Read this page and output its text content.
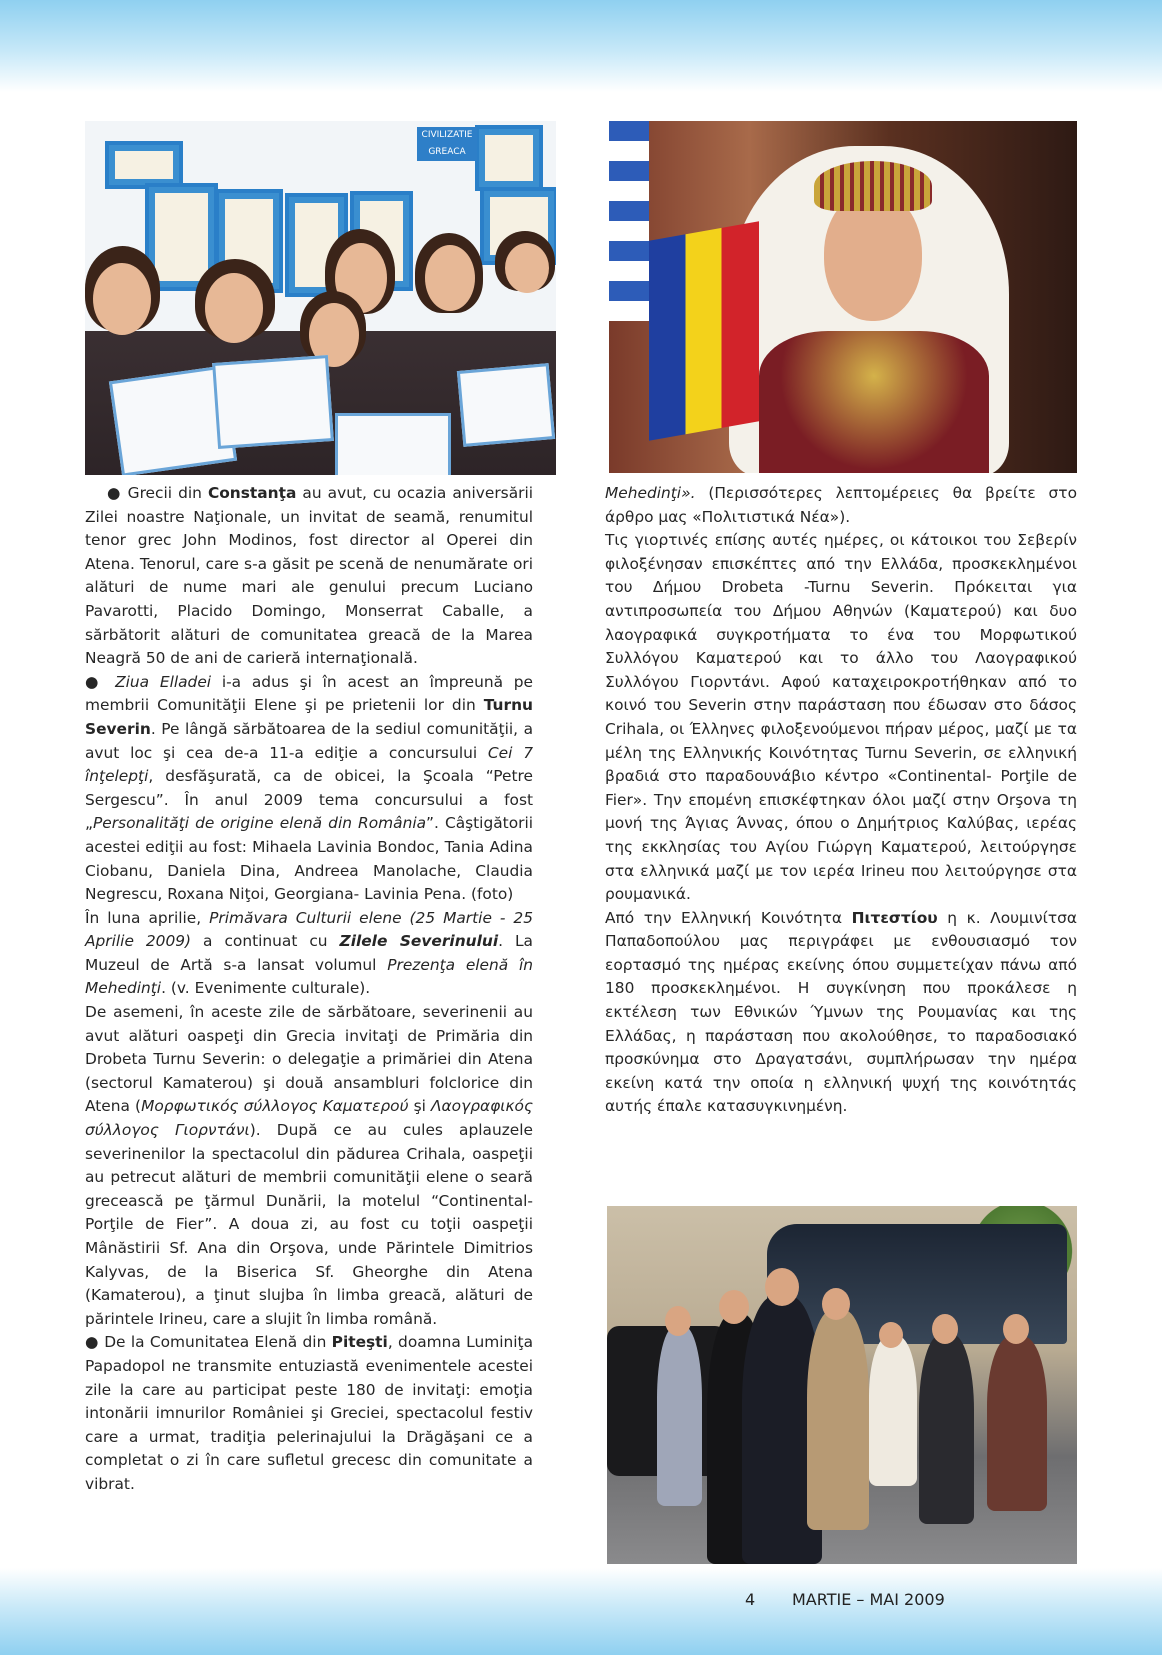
CIVILIZATIE GREACA

● Grecii din Constanţa au avut, cu ocazia aniversării Zilei noastre Naţionale, un invitat de seamă, renumitul tenor grec John Modinos, fost director al Operei din Atena. Tenorul, care s-a găsit pe scenă de nenumărate ori alături de nume mari ale genului precum Luciano Pavarotti, Placido Domingo, Monserrat Caballe, a sărbătorit alături de comunitatea greacă de la Marea Neagră 50 de ani de carieră internaţională.

● Ziua Elladei i-a adus şi în acest an împreună pe membrii Comunităţii Elene şi pe prietenii lor din Turnu Severin. Pe lângă sărbătoarea de la sediul comunităţii, a avut loc şi cea de-a 11-a ediţie a concursului Cei 7 înţelepţi, desfăşurată, ca de obicei, la Şcoala “Petre Sergescu”. În anul 2009 tema concursului a fost „Personalităţi de origine elenă din România”. Câştigătorii acestei ediţii au fost: Mihaela Lavinia Bondoc, Tania Adina Ciobanu, Daniela Dina, Andreea Manolache, Claudia Negrescu, Roxana Niţoi, Georgiana- Lavinia Pena. (foto)

În luna aprilie, Primăvara Culturii elene (25 Martie - 25 Aprilie 2009) a continuat cu Zilele Severinului. La Muzeul de Artă s-a lansat volumul Prezenţa elenă în Mehedinţi. (v. Evenimente culturale).

De asemeni, în aceste zile de sărbătoare, severinenii au avut alături oaspeţi din Grecia invitaţi de Primăria din Drobeta Turnu Severin: o delegaţie a primăriei din Atena (sectorul Kamaterou) şi două ansambluri folclorice din Atena (Μορφωτικός σύλλογος Καματερού şi Λαογραφικός σύλλογος Γιορντάνι). După ce au cules aplauzele severinenilor la spectacolul din pădurea Crihala, oaspeţii au petrecut alături de membrii comunităţii elene o seară grecească pe ţărmul Dunării, la motelul “Continental-Porţile de Fier”. A doua zi, au fost cu toţii oaspeţii Mânăstirii Sf. Ana din Orşova, unde Părintele Dimitrios Kalyvas, de la Biserica Sf. Gheorghe din Atena (Kamaterou), a ţinut slujba în limba greacă, alături de părintele Irineu, care a slujit în limba română.

● De la Comunitatea Elenă din Piteşti, doamna Luminiţa Papadopol ne transmite entuziastă evenimentele acestei zile la care au participat peste 180 de invitaţi: emoţia intonării imnurilor României şi Greciei, spectacolul festiv care a urmat, tradiţia pelerinajului la Drăgăşani ce a completat o zi în care sufletul grecesc din comunitate a vibrat.

Mehedinţi». (Περισσότερες λεπτομέρειες θα βρείτε στο άρθρο μας «Πολιτιστικά Νέα»).

Τις γιορτινές επίσης αυτές ημέρες, οι κάτοικοι του Σεβερίν φιλοξένησαν επισκέπτες από την Ελλάδα, προσκεκλημένοι του Δήμου Drobeta -Turnu Severin. Πρόκειται για αντιπροσωπεία του Δήμου Αθηνών (Καματερού) και δυο λαογραφικά συγκροτήματα το ένα του Μορφωτικού Συλλόγου Καματερού και το άλλο του Λαογραφικού Συλλόγου Γιορντάνι. Αφού καταχειροκροτήθηκαν από το κοινό του Severin στην παράσταση που έδωσαν στο δάσος Crihala, οι Έλληνες φιλοξενούμενοι πήραν μέρος, μαζί με τα μέλη της Ελληνικής Κοινότητας Turnu Severin, σε ελληνική βραδιά στο παραδουνάβιο κέντρο «Continental- Porţile de Fier». Την επομένη επισκέφτηκαν όλοι μαζί στην Orşova τη μονή της Άγιας Άννας, όπου ο Δημήτριος Καλύβας, ιερέας της εκκλησίας του Αγίου Γιώργη Καματερού, λειτούργησε στα ελληνικά μαζί με τον ιερέα Irineu που λειτούργησε στα ρουμανικά.

Από την Ελληνική Κοινότητα Πιτεστίου η κ. Λουμινίτσα Παπαδοπούλου μας περιγράφει με ενθουσιασμό τον εορτασμό της ημέρας εκείνης όπου συμμετείχαν πάνω από 180 προσκεκλημένοι. Η συγκίνηση που προκάλεσε η εκτέλεση των Εθνικών Ύμνων της Ρουμανίας και της Ελλάδας, η παράσταση που ακολούθησε, το παραδοσιακό προσκύνημα στο Δραγατσάνι, συμπλήρωσαν την ημέρα εκείνη κατά την οποία η ελληνική ψυχή της κοινότητάς αυτής έπαλε κατασυγκινημένη.

4 MARTIE – MAI 2009
